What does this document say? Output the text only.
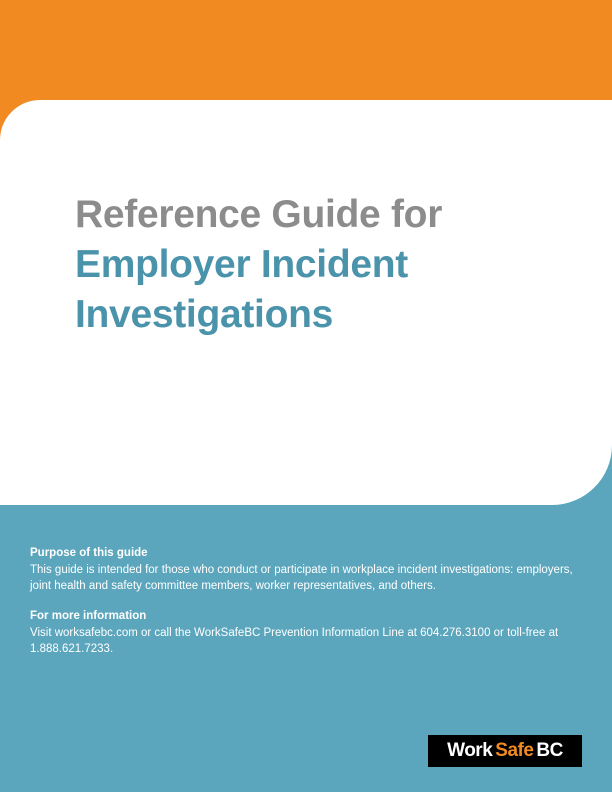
Reference Guide for
Employer Incident
Investigations

Purpose of this guide

This guide is intended for those who conduct or participate in workplace incident investigations: employers, joint health and safety committee members, worker representatives, and others.

For more information

Visit worksafebc.com or call the WorkSafeBC Prevention Information Line at 604.276.3100 or toll-free at 1.888.621.7233.

Work Safe BC
